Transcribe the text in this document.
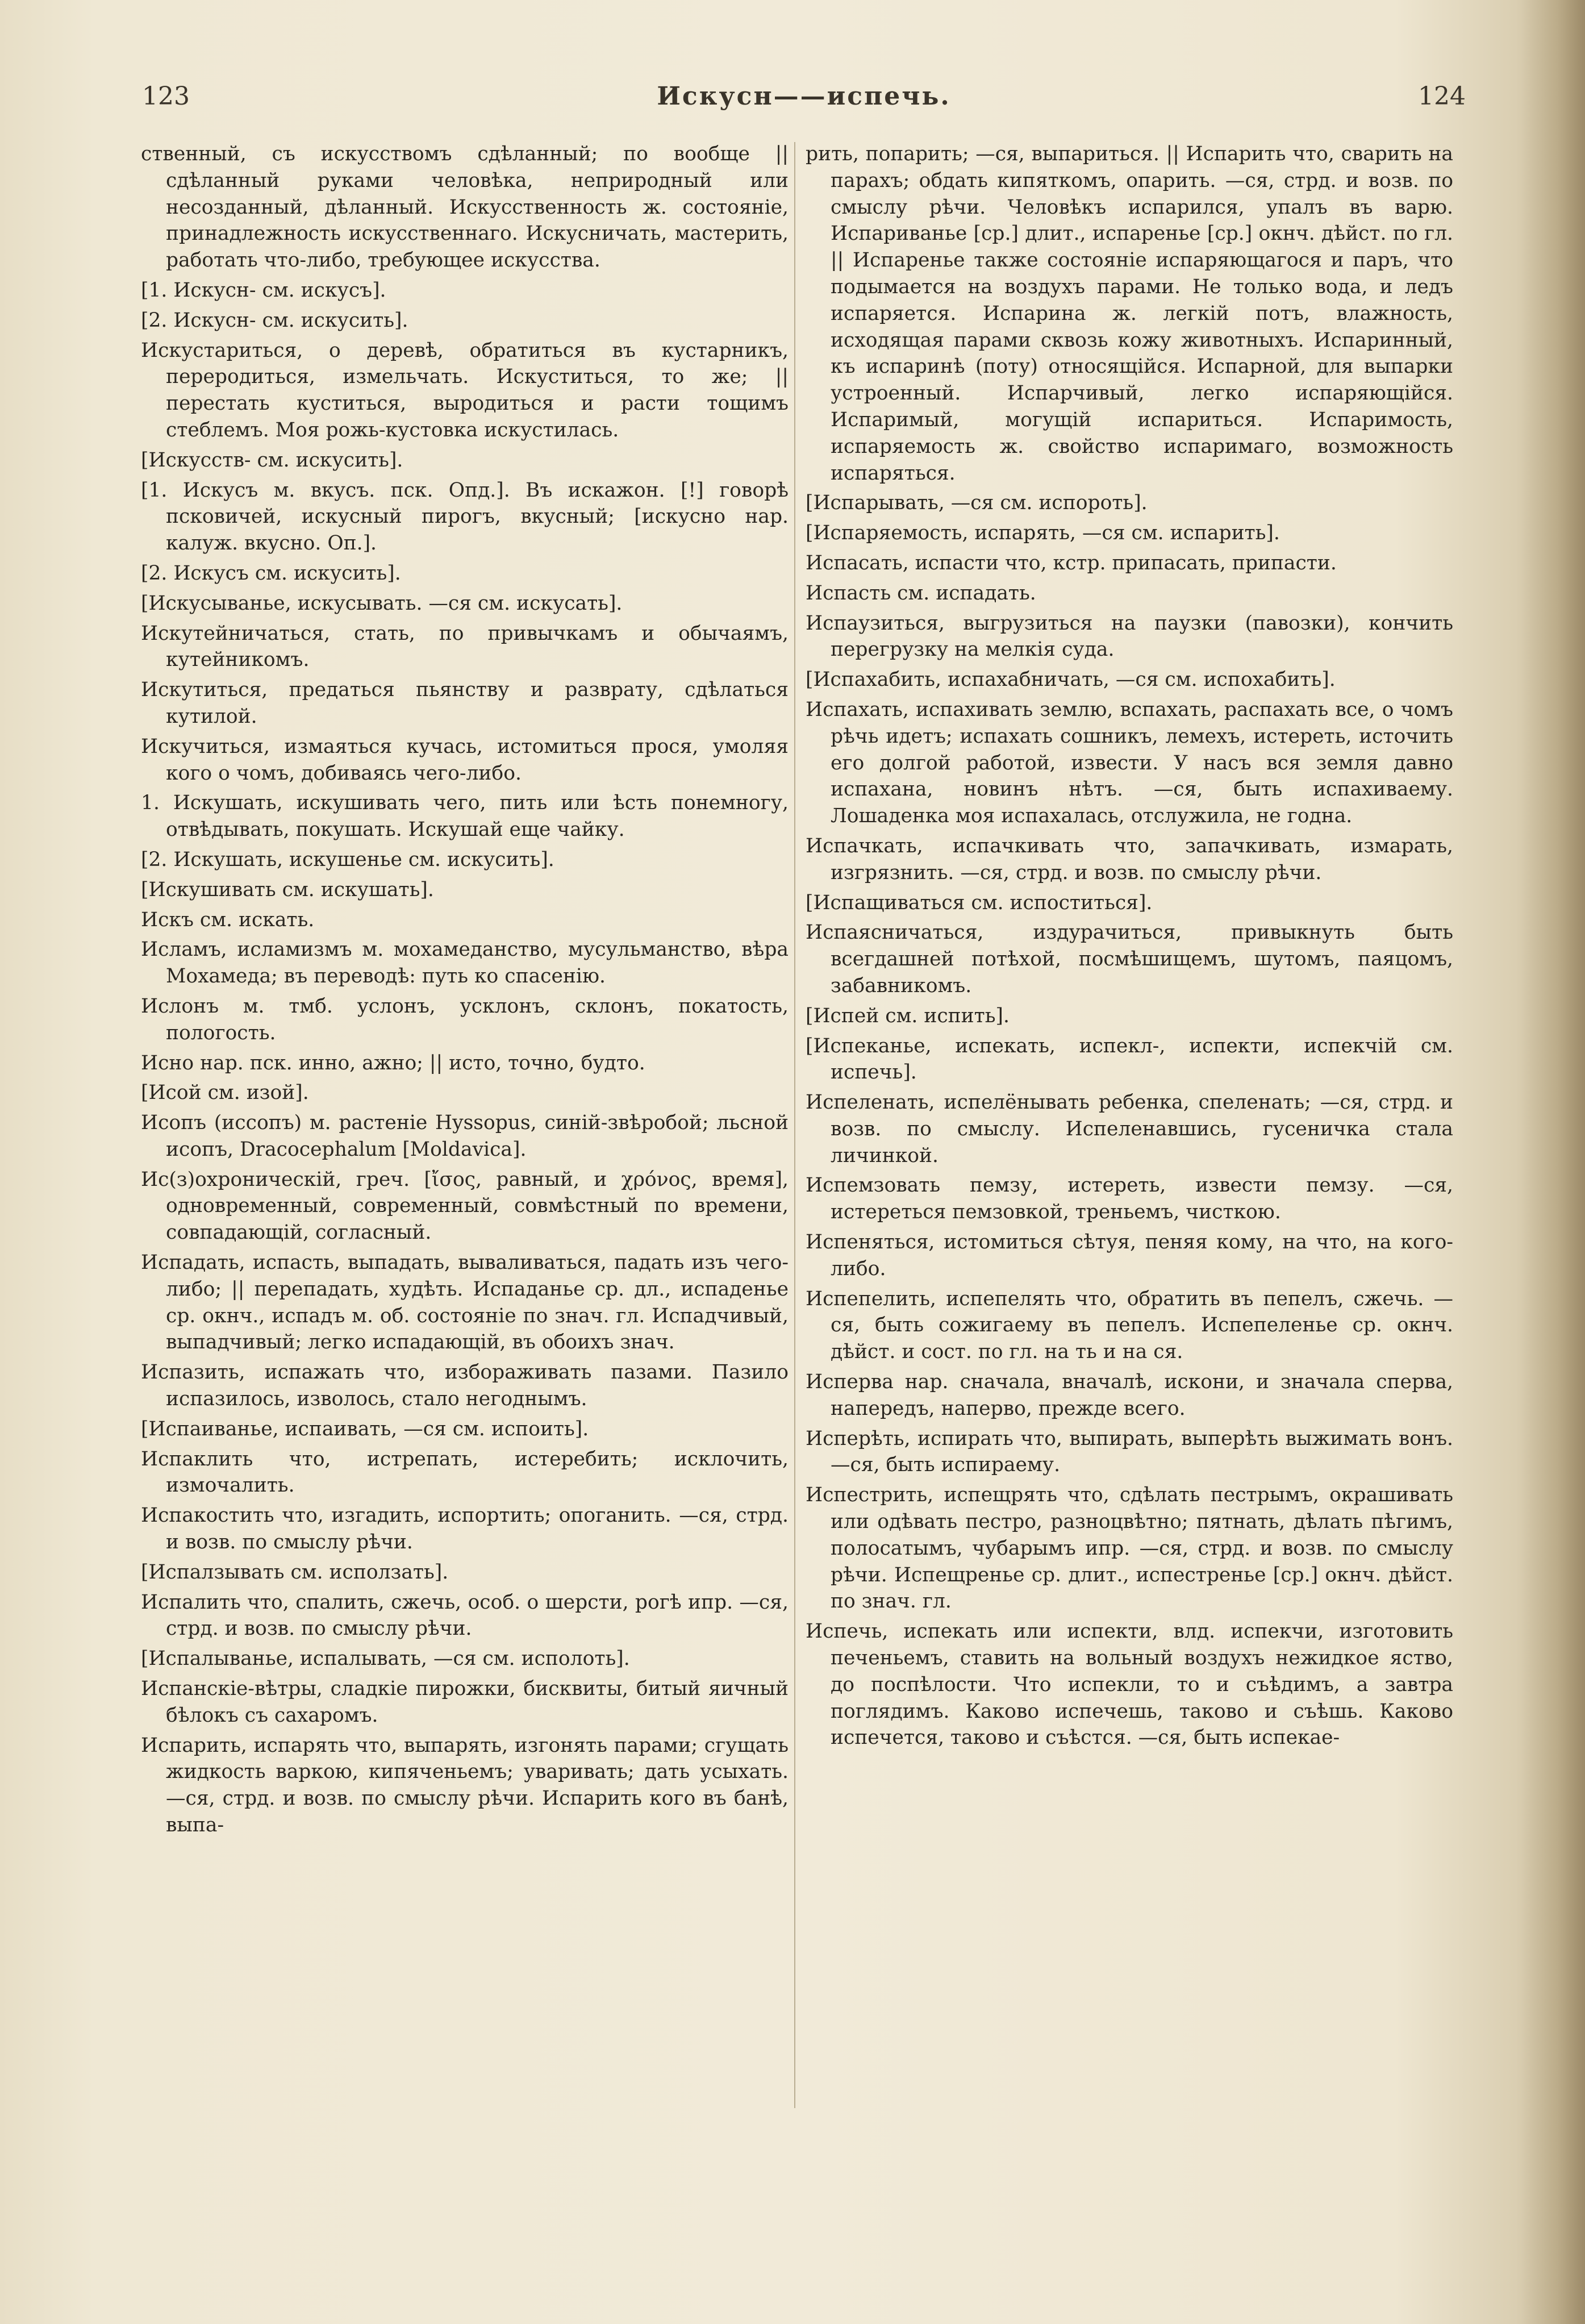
123	Искусн——испечь.	124

ственный, съ искусствомъ сдѣланный; по вообще || сдѣланный руками человѣка, неприродный или несозданный, дѣланный. Искусственность ж. состояніе, принадлежность искусственнаго. Искусничать, мастерить, работать что-либо, требующее искусства.

[1. Искусн- см. искусъ].

[2. Искусн- см. искусить].

Искустариться, о деревѣ, обратиться въ кустарникъ, переродиться, измельчать. Искуститься, то же; || перестать куститься, выродиться и расти тощимъ стеблемъ. Моя рожь-кустовка искустилась.

[Искусств- см. искусить].

[1. Искусъ м. вкусъ. пск. Опд.]. Въ искажон. [!] говорѣ псковичей, искусный пирогъ, вкусный; [искусно нар. калуж. вкусно. Оп.].

[2. Искусъ см. искусить].

[Искусыванье, искусывать. —ся см. искусать].

Искутейничаться, стать, по привычкамъ и обычаямъ, кутейникомъ.

Искутиться, предаться пьянству и разврату, сдѣлаться кутилой.

Искучиться, измаяться кучась, истомиться прося, умоляя кого о чомъ, добиваясь чего-либо.

1. Искушать, искушивать чего, пить или ѣсть понемногу, отвѣдывать, покушать. Искушай еще чайку.

[2. Искушать, искушенье см. искусить].

[Искушивать см. искушать].

Искъ см. искать.

Исламъ, исламизмъ м. мохамеданство, мусульманство, вѣра Мохамеда; въ переводѣ: путь ко спасенію.

Ислонъ м. тмб. услонъ, усклонъ, склонъ, покатость, пологость.

Исно нар. пск. инно, ажно; || исто, точно, будто.

[Исой см. изой].

Исопъ (иссопъ) м. растеніе Hyssopus, синій-звѣробой; льсной исопъ, Dracocephalum [Moldavica].

Ис(з)охроническій, греч. [ἴσος, равный, и χρόνος, время], одновременный, современный, совмѣстный по времени, совпадающій, согласный.

Испадать, испасть, выпадать, вываливаться, падать изъ чего-либо; || перепадать, худѣть. Испаданье ср. дл., испаденье ср. окнч., испадъ м. об. состояніе по знач. гл. Испадчивый, выпадчивый; легко испадающій, въ обоихъ знач.

Испазить, испажать что, избораживать пазами. Пазило испазилось, изволось, стало негоднымъ.

[Испаиванье, испаивать, —ся см. испоить].

Испаклить что, истрепать, истеребить; исклочить, измочалить.

Испакостить что, изгадить, испортить; опоганить. —ся, стрд. и возв. по смыслу рѣчи.

[Испалзывать см. исползать].

Испалить что, спалить, сжечь, особ. о шерсти, рогѣ ипр. —ся, стрд. и возв. по смыслу рѣчи.

[Испалыванье, испалывать, —ся см. исполоть].

Испанскіе-вѣтры, сладкіе пирожки, бисквиты, битый яичный бѣлокъ съ сахаромъ.

Испарить, испарять что, выпарять, изгонять парами; сгущать жидкость варкою, кипяченьемъ; уваривать; дать усыхать. —ся, стрд. и возв. по смыслу рѣчи. Испарить кого въ банѣ, выпа-

рить, попарить; —ся, выпариться. || Испарить что, сварить на парахъ; обдать кипяткомъ, опарить. —ся, стрд. и возв. по смыслу рѣчи. Человѣкъ испарился, упалъ въ варю. Испариванье [ср.] длит., испаренье [ср.] окнч. дѣйст. по гл. || Испаренье также состояніе испаряющагося и паръ, что подымается на воздухъ парами. Не только вода, и ледъ испаряется. Испарина ж. легкій потъ, влажность, исходящая парами сквозь кожу животныхъ. Испаринный, къ испаринѣ (поту) относящійся. Испарной, для выпарки устроенный. Испарчивый, легко испаряющійся. Испаримый, могущій испариться. Испаримость, испаряемость ж. свойство испаримаго, возможность испаряться.

[Испарывать, —ся см. испороть].

[Испаряемость, испарять, —ся см. испарить].

Испасать, испасти что, кстр. припасать, припасти.

Испасть см. испадать.

Испаузиться, выгрузиться на паузки (павозки), кончить перегрузку на мелкія суда.

[Испахабить, испахабничать, —ся см. испохабить].

Испахать, испахивать землю, вспахать, распахать все, о чомъ рѣчь идетъ; испахать сошникъ, лемехъ, истереть, источить его долгой работой, извести. У насъ вся земля давно испахана, новинъ нѣтъ. —ся, быть испахиваему. Лошаденка моя испахалась, отслужила, не годна.

Испачкать, испачкивать что, запачкивать, измарать, изгрязнить. —ся, стрд. и возв. по смыслу рѣчи.

[Испащиваться см. испоститься].

Испаясничаться, издурачиться, привыкнуть быть всегдашней потѣхой, посмѣшищемъ, шутомъ, паяцомъ, забавникомъ.

[Испей см. испить].

[Испеканье, испекать, испекл-, испекти, испекчій см. испечь].

Испеленать, испелёнывать ребенка, спеленать; —ся, стрд. и возв. по смыслу. Испеленавшись, гусеничка стала личинкой.

Испемзовать пемзу, истереть, извести пемзу. —ся, истереться пемзовкой, треньемъ, чисткою.

Испеняться, истомиться сѣтуя, пеняя кому, на что, на кого-либо.

Испепелить, испепелять что, обратить въ пепелъ, сжечь. —ся, быть сожигаему въ пепелъ. Испепеленье ср. окнч. дѣйст. и сост. по гл. на ть и на ся.

Исперва нар. сначала, вначалѣ, искони, и значала сперва, напередъ, наперво, прежде всего.

Исперѣть, испирать что, выпирать, выперѣть выжимать вонъ. —ся, быть испираему.

Испестрить, испещрять что, сдѣлать пестрымъ, окрашивать или одѣвать пестро, разноцвѣтно; пятнать, дѣлать пѣгимъ, полосатымъ, чубарымъ ипр. —ся, стрд. и возв. по смыслу рѣчи. Испещренье ср. длит., испестренье [ср.] окнч. дѣйст. по знач. гл.

Испечь, испекать или испекти, влд. испекчи, изготовить печеньемъ, ставить на вольный воздухъ нежидкое яство, до поспѣлости. Что испекли, то и съѣдимъ, а завтра поглядимъ. Каково испечешь, таково и съѣшь. Каково испечется, таково и съѣстся. —ся, быть испекае-
